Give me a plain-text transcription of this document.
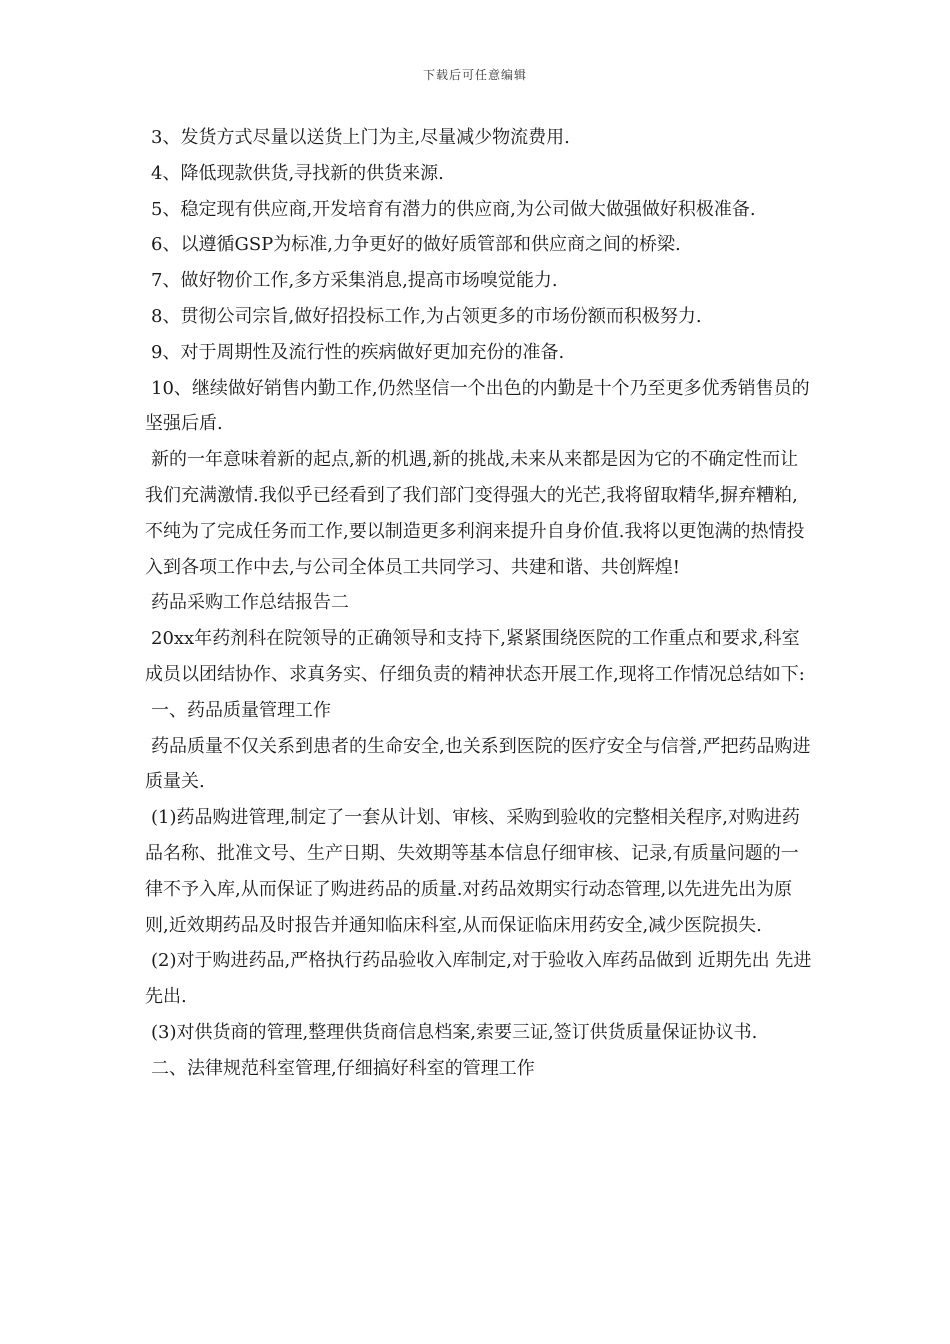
下载后可任意编辑

3、发货方式尽量以送货上门为主,尽量减少物流费用.

4、降低现款供货,寻找新的供货来源.

5、稳定现有供应商,开发培育有潜力的供应商,为公司做大做强做好积极准备.

6、以遵循GSP为标准,力争更好的做好质管部和供应商之间的桥梁.

7、做好物价工作,多方采集消息,提高市场嗅觉能力.

8、贯彻公司宗旨,做好招投标工作,为占领更多的市场份额而积极努力.

9、对于周期性及流行性的疾病做好更加充份的准备.

10、继续做好销售内勤工作,仍然坚信一个出色的内勤是十个乃至更多优秀销售员的坚强后盾.

新的一年意味着新的起点,新的机遇,新的挑战,未来从来都是因为它的不确定性而让我们充满激情.我似乎已经看到了我们部门变得强大的光芒,我将留取精华,摒弃糟粕,不纯为了完成任务而工作,要以制造更多利润来提升自身价值.我将以更饱满的热情投入到各项工作中去,与公司全体员工共同学习、共建和谐、共创辉煌!

药品采购工作总结报告二

20xx年药剂科在院领导的正确领导和支持下,紧紧围绕医院的工作重点和要求,科室成员以团结协作、求真务实、仔细负责的精神状态开展工作,现将工作情况总结如下:

一、药品质量管理工作

药品质量不仅关系到患者的生命安全,也关系到医院的医疗安全与信誉,严把药品购进质量关.

(1)药品购进管理,制定了一套从计划、审核、采购到验收的完整相关程序,对购进药品名称、批准文号、生产日期、失效期等基本信息仔细审核、记录,有质量问题的一律不予入库,从而保证了购进药品的质量.对药品效期实行动态管理,以先进先出为原则,近效期药品及时报告并通知临床科室,从而保证临床用药安全,减少医院损失.

(2)对于购进药品,严格执行药品验收入库制定,对于验收入库药品做到 近期先出 先进先出.

(3)对供货商的管理,整理供货商信息档案,索要三证,签订供货质量保证协议书.

二、法律规范科室管理,仔细搞好科室的管理工作
